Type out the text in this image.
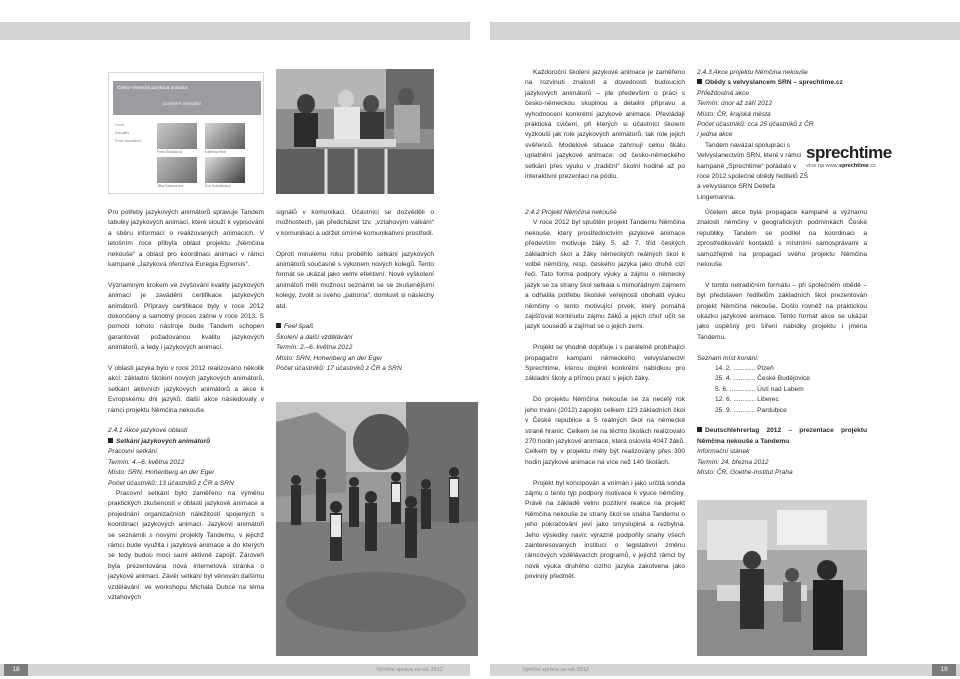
Česko-německá jazyková animace
jazykové animátori
Úvod
Aktuality
Profil animátorů
Petra Škubalová	Kateřina Fiedl
Jitka Kaddourová	Eva Drážďanská

Pro potřeby jazykových animátorů spravuje Tandem tabulky jazykových animací, které slouží k vypisování a sběru informací o realizovaných animacích. V letošním roce přibyla oblast projektu „Němčina nekouše“ a oblast pro koordinaci animací v rámci kampaně „Jazyková ofenzíva Euregia Egrensis“.

Významným krokem ve zvyšování kvality jazykových animací je zavádění certifikace jazykových animátorů. Přípravy certifikace byly v roce 2012 dokončeny a samotný proces začne v roce 2013. S pomocí tohoto nástroje bude Tandem schopen garantovat požadovanou kvalitu jazykových animátorů, a tedy i jazykových animací.

V oblasti jazyka bylo v roce 2012 realizováno několik akcí: základní školení nových jazykových animátorů, setkání aktivních jazykových animátorů a akce k Evropskému dni jazyků; další akce následovaly v rámci projektu Němčina nekouše.

2.4.1 Akce jazykové oblasti

Setkání jazykových animátorů

Pracovní setkání

Termín: 4.–6. května 2012

Místo: SRN, Hohenberg an der Eger

Počet účastníků: 13 účastníků z ČR a SRN

Pracovní setkání bylo zaměřeno na výměnu praktických zkušeností v oblasti jazykové animace a projednání organizačních náležitostí spojených s koordinací jazykových animací. Jazykoví animátoři se seznámili s novými projekty Tandemu, v jejichž rámci bude využita i jazyková animace a do kterých se tedy budou moci sami aktivně zapojit. Zároveň byla prezentována nová internetová stránka o jazykové animaci. Závěr setkání byl věnován dalšímu vzdělávání: ve workshopu Michala Dubce na téma vztahových

signálů v komunikaci. Účastníci se dozvěděli o možnostech, jak předcházet tzv. „vztahovým válkám“ v komunikaci a udržet smírné komunikativní prostředí.

Oproti minulému roku proběhlo setkání jazykových animátorů současně s výkonem nových kolegů. Tento formát se ukázal jako velmi efektivní. Nově vyškolení animátoři měli možnost seznámit se se zkušenějšími kolegy, zvolit si svého „patrona“, domluvit si náslechy atd.

Feel špaß

Školení a další vzdělávání

Termín: 2.–6. května 2012

Místo: SRN, Hohenberg an der Eger

Počet účastníků: 17 účastníků z ČR a SRN

Každoroční školení jazykové animace je zaměřeno na rozvinutí znalostí a dovedností budoucích jazykových animátorů – jde především o práci s česko-německou skupinou a detailní přípravu a vyhodnocení konkrétní jazykové animace. Převládají praktická cvičení, při kterých si účastníci školení vyzkouší jak role jazykových animátorů, tak role jejich svěřenců. Modelové situace zahrnují celou škálu uplatnění jazykové animace: od česko-německého setkání přes výuku v „tradiční“ školní hodině až po interaktivní prezentaci na pódiu.

2.4.2 Projekt Němčina nekouše

V roce 2012 byl spuštěn projekt Tandemu Němčina nekouše, který prostřednictvím jazykové animace především motivuje žáky 5. až 7. tříd českých základních škol a žáky německých reálných škol k volbě němčiny, resp. českého jazyka jako druhé cizí řeči. Tato forma podpory výuky a zájmu o německý jazyk se za strany škol setkala s mimořádným zájmem a odhalila potřebu školské veřejnosti obohatit výuku němčiny o tento motivující prvek, který pomáhá zajišťovat kontinuitu zájmu žáků a jejich chuť učit se jazyk sousedů a zajímat se o jejich zemi.

Projekt se vhodně doplňuje i s paralelně probíhající propagační kampaní německého velvyslanectví Sprechtime, kterou doplnil konkrétní nabídkou pro základní školy a přímou prací s jejich žáky.

Do projektu Němčina nekouše se za necelý rok jeho trvání (2012) zapojilo celkem 123 základních škol v České republice a 5 reálných škol na německé straně hranic. Celkem se na těchto školách realizovalo 270 hodin jazykové animace, která oslovila 4047 žáků. Celkem by v projektu měly být realizovány přes 300 hodin jazykové animace na více než 140 školách.

Projekt byl koncipován a vnímán i jako určitá sonda zájmu o tento typ podpory motivace k výuce němčiny. Právě na základě velmi pozitivní reakce na projekt Němčina nekouše ze strany škol se snaha Tandemu o jeho pokračování jeví jako smysluplná a rezbytná. Jeho výsledky navíc výrazně podpořily snahy všech zainteresovaných institucí o legislativní změnu rámcových vzdělávacích programů, v jejichž rámci by nově výuka druhého cizího jazyka zakotvena jako povinný předmět.

2.4.3 Akce projektu Němčina nekouše

Obědy s velvyslancem SRN – sprechtime.cz

Příležitostná akce

Termín: únor až září 2012

Místo: ČR, krajská města

Počet účastníků: cca 25 účastníků z ČR / jedna akce

Tandem navázal spolupráci s Velvyslanectvím SRN, které v rámci kampaně „Sprechtime“ pořádalo v roce 2012 společné obědy ředitelů ZŠ a velvyslance SRN Detlefa Lingemanna.

sprechtime
více na www.sprechtime.cz

Účelem akce byla propagace kampaně a významu znalosti němčiny v geografických podmínkách České republiky. Tandem se podílel na koordinaci a zprostředkování kontaktů s místními samosprávami a samozřejmě na propagaci svého projektu Němčina nekouše.

V tomto netradičním formátu – při společném obědě – byl představen ředitelům základních škol prezentován projekt Němčina nekouše. Došlo rovněž na praktickou ukázku jazykové animace. Tento formát akce se ukázal jako úspěšný pro šíření nabídky projektu i jména Tandemu.

Seznam míst konání:

14. 2. ............ Plzeň

25. 4. ............ České Budějovice

5. 6. .............. Ústí nad Labem

12. 6. ............ Liberec

25. 9. ............ Pardubice

Deutschlehrertag 2012 – prezentace projektu Němčina nekouše a Tandemu

Informační stánek

Termín: 24. března 2012

Místo: ČR, Goethe-Institut Praha

18	19
Výroční zpráva za rok 2012	Výroční zpráva za rok 2012
